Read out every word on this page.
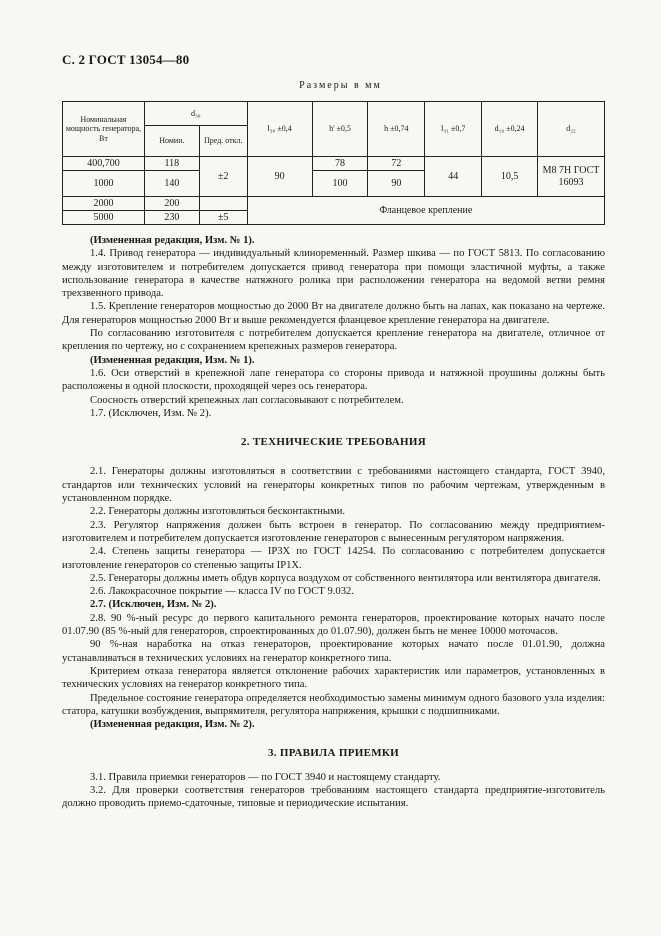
С. 2 ГОСТ 13054—80
Размеры в мм
Номинальная мощность генератора, Вт	d₃₀		l₃₀ ±0,4	h' ±0,5	h ±0,74	l₃₁ ±0,7	d₁₀ ±0,24	d₂₂
	Номин.	Пред. откл.						
400,700	118	±2	90	78	72	44	10,5	M8 7H ГОСТ 16093
1000	140			100	90			

2000	200		Фланцевое крепление					
5000	230	±5						

(Измененная редакция, Изм. № 1).

1.4. Привод генератора — индивидуальный клиноременный. Размер шкива — по ГОСТ 5813. По согласованию между изготовителем и потребителем допускается привод генератора при помощи эластичной муфты, а также использование генератора в качестве натяжного ролика при расположении генератора на ведомой ветви ремня трехзвенного привода.

1.5. Крепление генераторов мощностью до 2000 Вт на двигателе должно быть на лапах, как показано на чертеже. Для генераторов мощностью 2000 Вт и выше рекомендуется фланцевое крепление генератора на двигателе.

По согласованию изготовителя с потребителем допускается крепление генератора на двигателе, отличное от крепления по чертежу, но с сохранением крепежных размеров генератора.

(Измененная редакция, Изм. № 1).

1.6. Оси отверстий в крепежной лапе генератора со стороны привода и натяжной проушины должны быть расположены в одной плоскости, проходящей через ось генератора.

Соосность отверстий крепежных лап согласовывают с потребителем.

1.7. (Исключен, Изм. № 2).

2. ТЕХНИЧЕСКИЕ ТРЕБОВАНИЯ

2.1. Генераторы должны изготовляться в соответствии с требованиями настоящего стандарта, ГОСТ 3940, стандартов или технических условий на генераторы конкретных типов по рабочим чертежам, утвержденным в установленном порядке.

2.2. Генераторы должны изготовляться бесконтактными.

2.3. Регулятор напряжения должен быть встроен в генератор. По согласованию между предприятием-изготовителем и потребителем допускается изготовление генераторов с вынесенным регулятором напряжения.

2.4. Степень защиты генератора — IP3X по ГОСТ 14254. По согласованию с потребителем допускается изготовление генераторов со степенью защиты IP1X.

2.5. Генераторы должны иметь обдув корпуса воздухом от собственного вентилятора или вентилятора двигателя.

2.6. Лакокрасочное покрытие — класса IV по ГОСТ 9.032.

2.7. (Исключен, Изм. № 2).

2.8. 90 %-ный ресурс до первого капитального ремонта генераторов, проектирование которых начато после 01.07.90 (85 %-ный для генераторов, спроектированных до 01.07.90), должен быть не менее 10000 моточасов.

90 %-ная наработка на отказ генераторов, проектирование которых начато после 01.01.90, должна устанавливаться в технических условиях на генератор конкретного типа.

Критерием отказа генератора является отклонение рабочих характеристик или параметров, установленных в технических условиях на генератор конкретного типа.

Предельное состояние генератора определяется необходимостью замены минимум одного базового узла изделия: статора, катушки возбуждения, выпрямителя, регулятора напряжения, крышки с подшипниками.

(Измененная редакция, Изм. № 2).

3. ПРАВИЛА ПРИЕМКИ

3.1. Правила приемки генераторов — по ГОСТ 3940 и настоящему стандарту.

3.2. Для проверки соответствия генераторов требованиям настоящего стандарта предприятие-изготовитель должно проводить приемо-сдаточные, типовые и периодические испытания.
